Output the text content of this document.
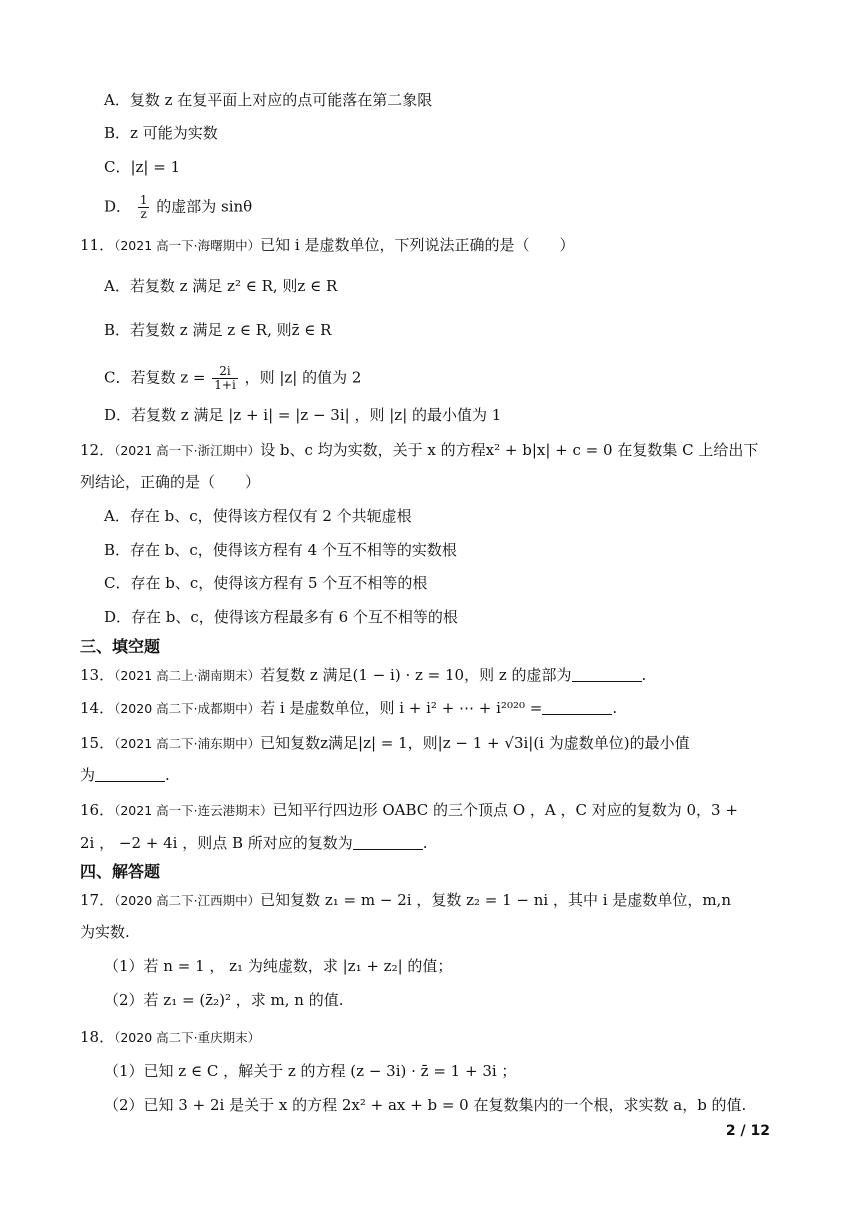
A．复数 z 在复平面上对应的点可能落在第二象限
B．z 可能为实数
C．|z| = 1
D． $\frac{1}{z}$ 的虚部为 sinθ
11．（2021 高一下·海曙期中）已知 i 是虚数单位，下列说法正确的是（　　）
A．若复数 z 满足 z² ∈ R, 则z ∈ R
B．若复数 z 满足 z ∈ R, 则z̄ ∈ R
C．若复数 $z = \frac{2i}{1+i}$ ，则 |z| 的值为 2
D．若复数 z 满足 |z + i| = |z − 3i| ，则 |z| 的最小值为 1
12．（2021 高一下·浙江期中）设 b、c 均为实数，关于 x 的方程x² + b|x| + c = 0 在复数集 C 上给出下
列结论，正确的是（　　）
A．存在 b、c，使得该方程仅有 2 个共轭虚根
B．存在 b、c，使得该方程有 4 个互不相等的实数根
C．存在 b、c，使得该方程有 5 个互不相等的根
D．存在 b、c，使得该方程最多有 6 个互不相等的根
三、填空题
13．（2021 高二上·湖南期末）若复数 z 满足(1 − i) · z = 10，则 z 的虚部为	.
14．（2020 高二下·成都期中）若 i 是虚数单位，则 i + i² + ⋯ + i²⁰²⁰ =	.
15．（2021 高二下·浦东期中）已知复数z满足|z| = 1，则|z − 1 + √3i|(i 为虚数单位)的最小值
为	.
16．（2021 高一下·连云港期末）已知平行四边形 OABC 的三个顶点 O ，A ，C 对应的复数为 0，3 +
2i ， −2 + 4i ，则点 B 所对应的复数为	.
四、解答题
17．（2020 高二下·江西期中）已知复数 z₁ = m − 2i ，复数 z₂ = 1 − ni ，其中 i 是虚数单位，m,n
为实数.
（1）若 n = 1 ， z₁ 为纯虚数，求 |z₁ + z₂| 的值；
（2）若 z₁ = (z̄₂)² ，求 m, n 的值.
18．（2020 高二下·重庆期末）
（1）已知 z ∈ C ，解关于 z 的方程 (z − 3i) · z̄ = 1 + 3i ；
（2）已知 3 + 2i 是关于 x 的方程 2x² + ax + b = 0 在复数集内的一个根，求实数 a，b 的值.
2 / 12
